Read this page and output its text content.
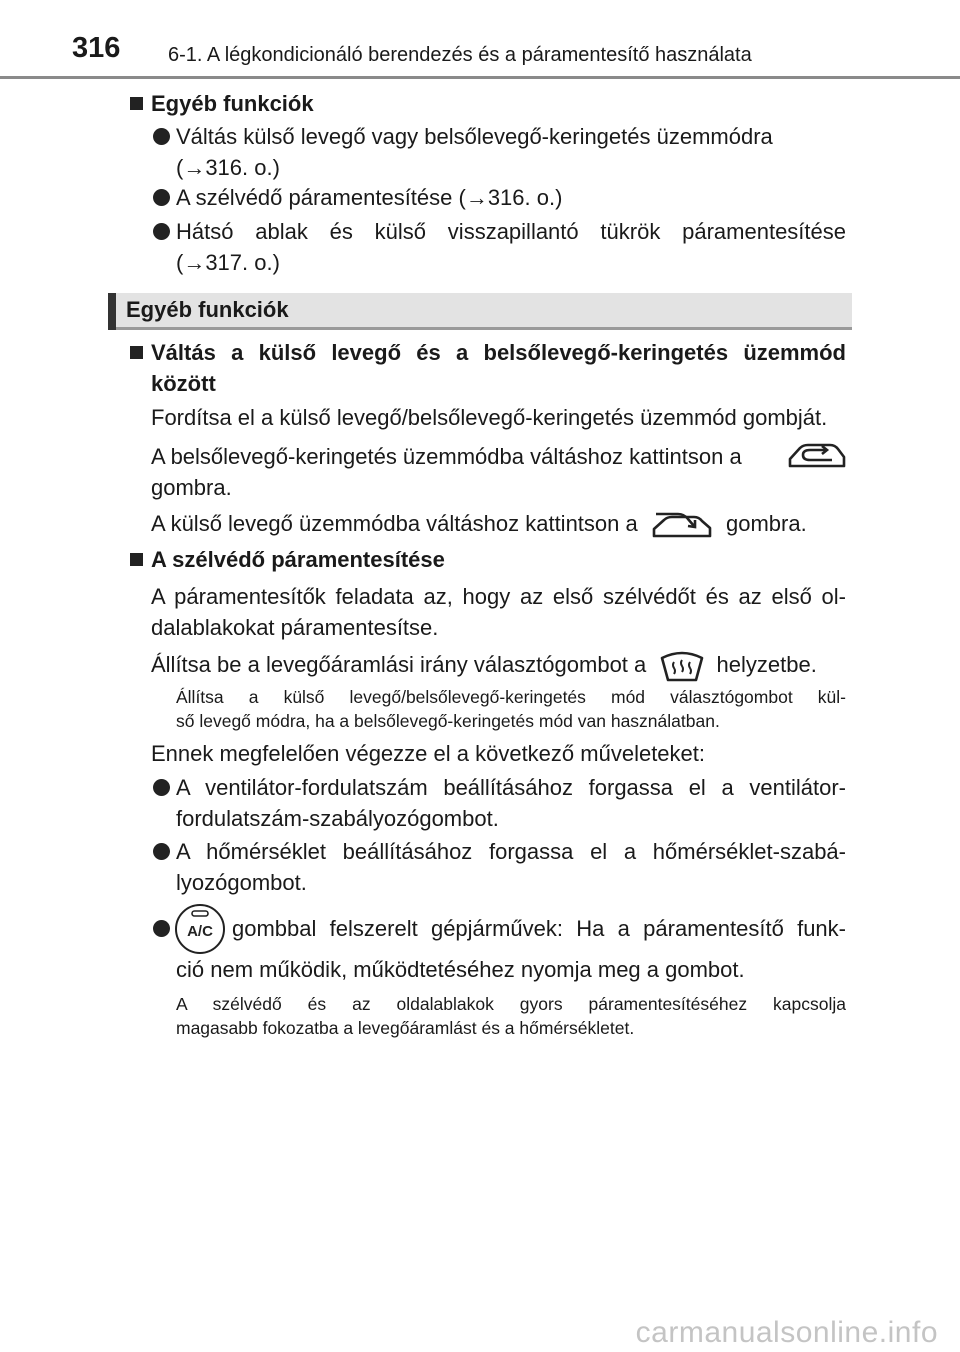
316 6-1. A légkondicionáló berendezés és a páramentesítő használata

Egyéb funkciók

Váltás külső levegő vagy belsőlevegő-keringetés üzemmódra

(→316. o.)

A szélvédő páramentesítése (→316. o.)

Hátsó ablak és külső visszapillantó tükrök páramentesítése

(→317. o.)

Egyéb funkciók

Váltás a külső levegő és a belsőlevegő-keringetés üzemmód

között

Fordítsa el a külső levegő/belsőlevegő-keringetés üzemmód gombját.

A belsőlevegő-keringetés üzemmódba váltáshoz kattintson a

gombra.

A külső levegő üzemmódba váltáshoz kattintson a	gombra.

A szélvédő páramentesítése

A páramentesítők feladata az, hogy az első szélvédőt és az első ol-

dalablakokat páramentesítse.

Állítsa be a levegőáramlási irány választógombot a	helyzetbe.

Állítsa a külső levegő/belsőlevegő-keringetés mód választógombot kül-

ső levegő módra, ha a belsőlevegő-keringetés mód van használatban.

Ennek megfelelően végezze el a következő műveleteket:

A ventilátor-fordulatszám beállításához forgassa el a ventilátor-

fordulatszám-szabályozógombot.

A hőmérséklet beállításához forgassa el a hőmérséklet-szabá-

lyozógombot.

A/C gombbal felszerelt gépjárművek: Ha a páramentesítő funk-

ció nem működik, működtetéséhez nyomja meg a gombot.

A szélvédő és az oldalablakok gyors páramentesítéséhez kapcsolja

magasabb fokozatba a levegőáramlást és a hőmérsékletet.

carmanualsonline.info
